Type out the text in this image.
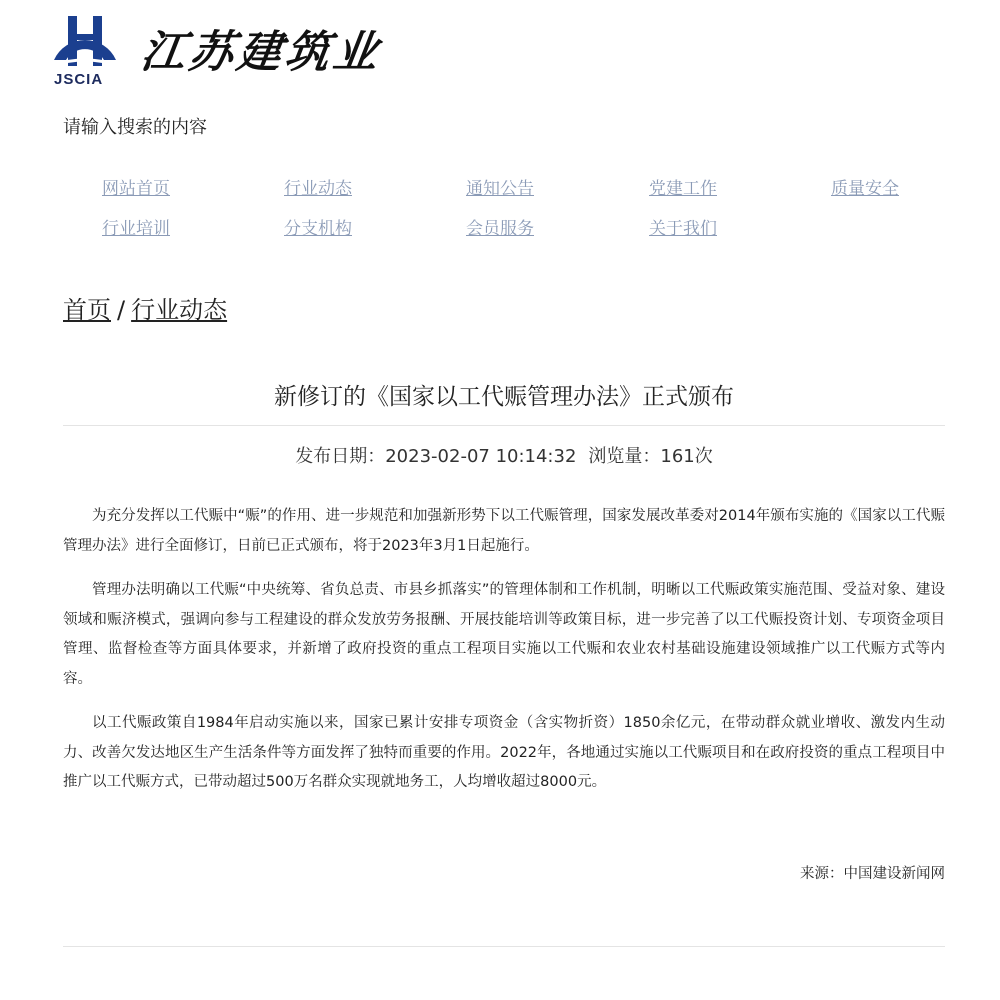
JSCIA
江苏建筑业
请输入搜索的内容
网站首页	行业动态	通知公告	党建工作	质量安全
行业培训	分支机构	会员服务	关于我们
首页 / 行业动态
新修订的《国家以工代赈管理办法》正式颁布
发布日期：2023-02-07 10:14:32 浏览量：161次

为充分发挥以工代赈中“赈”的作用、进一步规范和加强新形势下以工代赈管理，国家发展改革委对2014年颁布实施的《国家以工代赈管理办法》进行全面修订，日前已正式颁布，将于2023年3月1日起施行。

管理办法明确以工代赈“中央统筹、省负总责、市县乡抓落实”的管理体制和工作机制，明晰以工代赈政策实施范围、受益对象、建设领域和赈济模式，强调向参与工程建设的群众发放劳务报酬、开展技能培训等政策目标，进一步完善了以工代赈投资计划、专项资金项目管理、监督检查等方面具体要求，并新增了政府投资的重点工程项目实施以工代赈和农业农村基础设施建设领域推广以工代赈方式等内容。

以工代赈政策自1984年启动实施以来，国家已累计安排专项资金（含实物折资）1850余亿元，在带动群众就业增收、激发内生动力、改善欠发达地区生产生活条件等方面发挥了独特而重要的作用。2022年，各地通过实施以工代赈项目和在政府投资的重点工程项目中推广以工代赈方式，已带动超过500万名群众实现就地务工，人均增收超过8000元。

来源：中国建设新闻网
